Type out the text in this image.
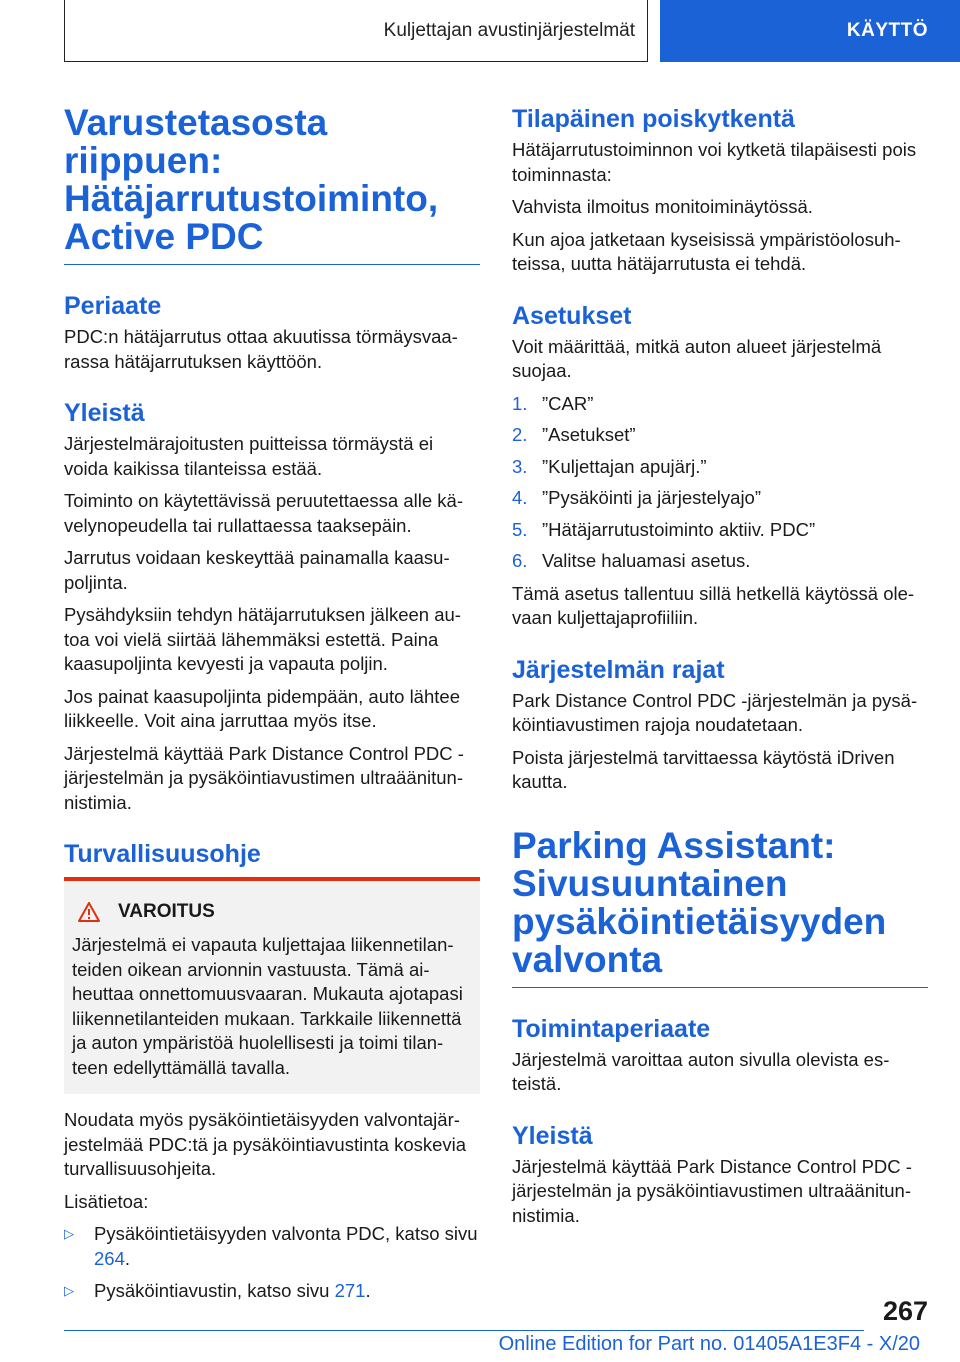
Kuljettajan avustinjärjestelmät	KÄYTTÖ
Varustetasosta riippuen: Hätäjarrutustoiminto, Active PDC
Periaate

PDC:n hätäjarrutus ottaa akuutissa törmäysvaarassa hätäjarrutuksen käyttöön.

Yleistä

Järjestelmärajoitusten puitteissa törmäystä ei voida kaikissa tilanteissa estää.

Toiminto on käytettävissä peruutettaessa alle kävelynopeudella tai rullattaessa taaksepäin.

Jarrutus voidaan keskeyttää painamalla kaasupoljinta.

Pysähdyksiin tehdyn hätäjarrutuksen jälkeen autoa voi vielä siirtää lähemmäksi estettä. Paina kaasupoljinta kevyesti ja vapauta poljin.

Jos painat kaasupoljinta pidempään, auto lähtee liikkeelle. Voit aina jarruttaa myös itse.

Järjestelmä käyttää Park Distance Control PDC -järjestelmän ja pysäköintiavustimen ultraäänitunnistimia.

Turvallisuusohje
VAROITUS

Järjestelmä ei vapauta kuljettajaa liikennetilanteiden oikean arvionnin vastuusta. Tämä aiheuttaa onnettomuusvaaran. Mukauta ajotapasi liikennetilanteiden mukaan. Tarkkaile liikennettä ja auton ympäristöä huolellisesti ja toimi tilanteen edellyttämällä tavalla.

Noudata myös pysäköintietäisyyden valvontajärjestelmää PDC:tä ja pysäköintiavustinta koskevia turvallisuusohjeita.

Lisätietoa:

▷	Pysäköintietäisyyden valvonta PDC, katso sivu 264.
▷	Pysäköintiavustin, katso sivu 271.
Tilapäinen poiskytkentä

Hätäjarrutustoiminnon voi kytketä tilapäisesti pois toiminnasta:

Vahvista ilmoitus monitoiminäytössä.

Kun ajoa jatketaan kyseisissä ympäristöolosuhteissa, uutta hätäjarrutusta ei tehdä.

Asetukset

Voit määrittää, mitkä auton alueet järjestelmä suojaa.

1. ”CAR”
2. ”Asetukset”
3. ”Kuljettajan apujärj.”
4. ”Pysäköinti ja järjestelyajo”
5. ”Hätäjarrutustoiminto aktiiv. PDC”
6. Valitse haluamasi asetus.

Tämä asetus tallentuu sillä hetkellä käytössä olevaan kuljettajaprofiiliin.

Järjestelmän rajat

Park Distance Control PDC -järjestelmän ja pysäköintiavustimen rajoja noudatetaan.

Poista järjestelmä tarvittaessa käytöstä iDriven kautta.

Parking Assistant: Sivusuuntainen pysäköintietäisyyden valvonta
Toimintaperiaate

Järjestelmä varoittaa auton sivulla olevista esteistä.

Yleistä

Järjestelmä käyttää Park Distance Control PDC -järjestelmän ja pysäköintiavustimen ultraäänitunnistimia.

267
Online Edition for Part no. 01405A1E3F4 - X/20
